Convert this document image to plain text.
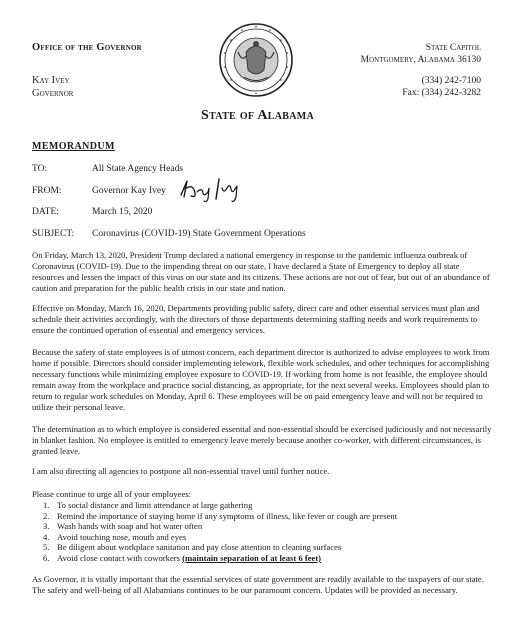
Office of the Governor
Kay Ivey
Governor
State Capitol
Montgomery, Alabama 36130
(334) 242-7100
Fax: (334) 242-3282
State of Alabama
MEMORANDUM
TO:	All State Agency Heads
FROM:	Governor Kay Ivey
DATE:	March 15, 2020
SUBJECT: Coronavirus (COVID-19) State Government Operations

On Friday, March 13, 2020, President Trump declared a national emergency in response to the pandemic influenza outbreak of Coronavirus (COVID-19). Due to the impending threat on our state, I have declared a State of Emergency to deploy all state resources and lessen the impact of this virus on our state and its citizens. These actions are not out of fear, but out of an abundance of caution and preparation for the public health crisis in our state and nation.

Effective on Monday, March 16, 2020, Departments providing public safety, direct care and other essential services must plan and schedule their activities accordingly, with the directors of those departments determining staffing needs and work requirements to ensure the continued operation of essential and emergency services.

Because the safety of state employees is of utmost concern, each department director is authorized to advise employees to work from home if possible. Directors should consider implementing telework, flexible work schedules, and other techniques for accomplishing necessary functions while minimizing employee exposure to COVID-19. If working from home is not feasible, the employee should remain away from the workplace and practice social distancing, as appropriate, for the next several weeks. Employees should plan to return to regular work schedules on Monday, April 6. These employees will be on paid emergency leave and will not be required to utilize their personal leave.

The determination as to which employee is considered essential and non-essential should be exercised judiciously and not necessarily in blanket fashion. No employee is entitled to emergency leave merely because another co-worker, with different circumstances, is granted leave.

I am also directing all agencies to postpone all non-essential travel until further notice.

Please continue to urge all of your employees:

1. To social distance and limit attendance at large gathering
2. Remind the importance of staying home if any symptoms of illness, like fever or cough are present
3. Wash hands with soap and hot water often
4. Avoid touching nose, mouth and eyes
5. Be diligent about workplace sanitation and pay close attention to cleaning surfaces
6. Avoid close contact with coworkers (maintain separation of at least 6 feet)

As Governor, it is vitally important that the essential services of state government are readily available to the taxpayers of our state. The safety and well-being of all Alabamians continues to be our paramount concern. Updates will be provided as necessary.
